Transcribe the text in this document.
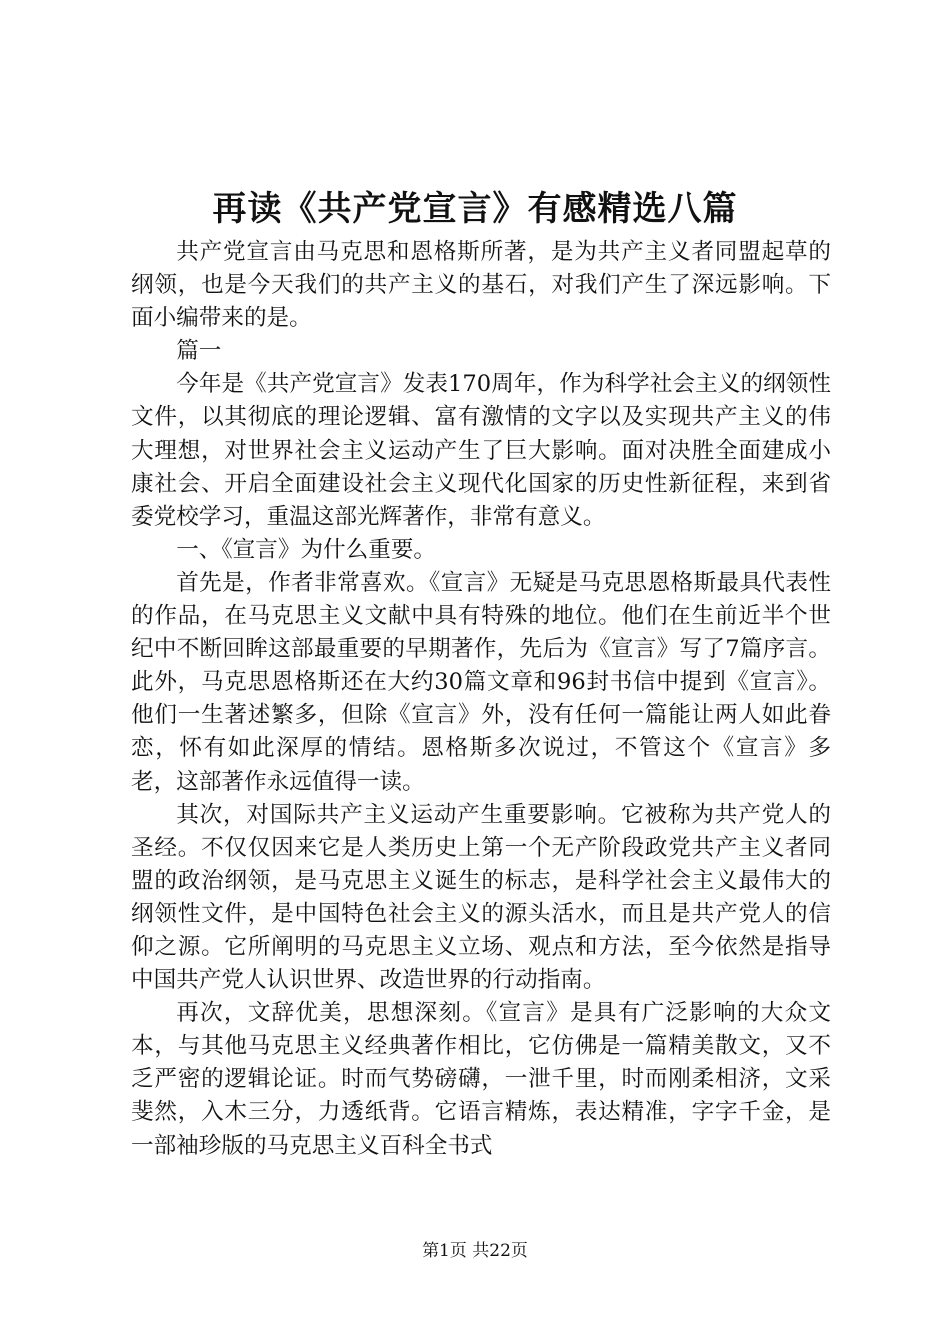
再读《共产党宣言》有感精选八篇

共产党宣言由马克思和恩格斯所著，是为共产主义者同盟起草的纲领，也是今天我们的共产主义的基石，对我们产生了深远影响。下面小编带来的是。

篇一

今年是《共产党宣言》发表170周年，作为科学社会主义的纲领性文件，以其彻底的理论逻辑、富有激情的文字以及实现共产主义的伟大理想，对世界社会主义运动产生了巨大影响。面对决胜全面建成小康社会、开启全面建设社会主义现代化国家的历史性新征程，来到省委党校学习，重温这部光辉著作，非常有意义。

一、《宣言》为什么重要。

首先是，作者非常喜欢。《宣言》无疑是马克思恩格斯最具代表性的作品，在马克思主义文献中具有特殊的地位。他们在生前近半个世纪中不断回眸这部最重要的早期著作，先后为《宣言》写了7篇序言。此外，马克思恩格斯还在大约30篇文章和96封书信中提到《宣言》。他们一生著述繁多，但除《宣言》外，没有任何一篇能让两人如此眷恋，怀有如此深厚的情结。恩格斯多次说过，不管这个《宣言》多老，这部著作永远值得一读。

其次，对国际共产主义运动产生重要影响。它被称为共产党人的圣经。不仅仅因来它是人类历史上第一个无产阶段政党共产主义者同盟的政治纲领，是马克思主义诞生的标志，是科学社会主义最伟大的纲领性文件，是中国特色社会主义的源头活水，而且是共产党人的信仰之源。它所阐明的马克思主义立场、观点和方法，至今依然是指导中国共产党人认识世界、改造世界的行动指南。

再次，文辞优美，思想深刻。《宣言》是具有广泛影响的大众文本，与其他马克思主义经典著作相比，它仿佛是一篇精美散文，又不乏严密的逻辑论证。时而气势磅礴，一泄千里，时而刚柔相济，文采斐然，入木三分，力透纸背。它语言精炼，表达精准，字字千金，是一部袖珍版的马克思主义百科全书式

第1页 共22页
